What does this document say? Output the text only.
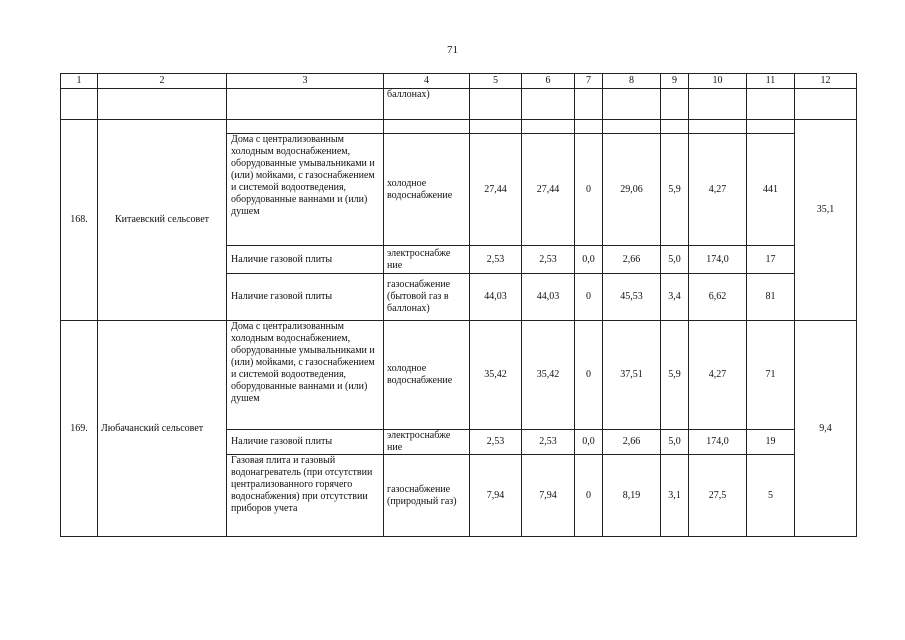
71
1	2	3	4	5	6	7	8	9	10	11	12
			баллонах)								
168.	Китаевский сельсовет										35,1
		Дома с централизованным холодным водоснабжением, оборудованные умывальниками и (или) мойками, с газоснабжением и системой водоотведения, оборудованные ваннами и (или) душем	холодное водоснабжение	27,44	27,44	0	29,06	5,9	4,27	441	
		Наличие газовой плиты	электроснабже ние	2,53	2,53	0,0	2,66	5,0	174,0	17	
		Наличие газовой плиты	газоснабжение (бытовой газ в баллонах)	44,03	44,03	0	45,53	3,4	6,62	81	
169.	Любачанский сельсовет	Дома с централизованным холодным водоснабжением, оборудованные умывальниками и (или) мойками, с газоснабжением и системой водоотведения, оборудованные ваннами и (или) душем	холодное водоснабжение	35,42	35,42	0	37,51	5,9	4,27	71	9,4
		Наличие газовой плиты	электроснабже ние	2,53	2,53	0,0	2,66	5,0	174,0	19	
		Газовая плита и газовый водонагреватель (при отсутствии централизованного горячего водоснабжения) при отсутствии приборов учета	газоснабжение (природный газ)	7,94	7,94	0	8,19	3,1	27,5	5	
